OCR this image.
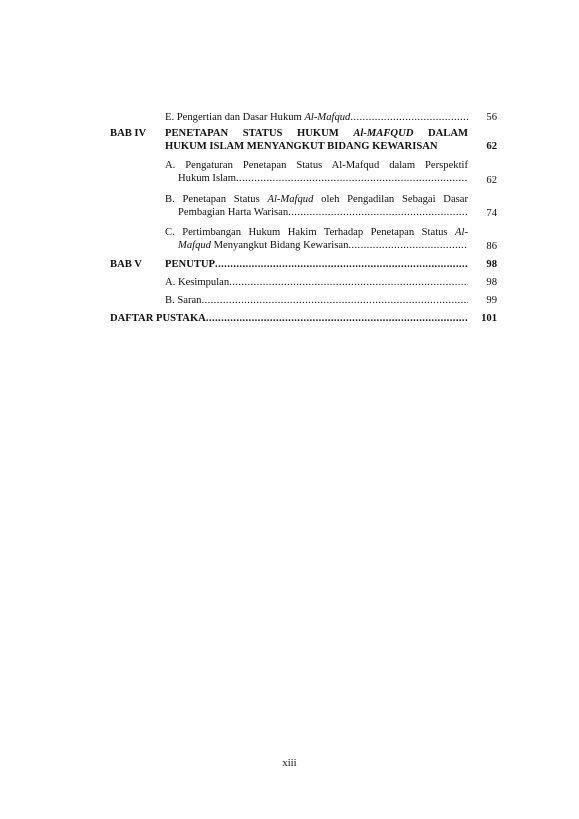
E. Pengertian dan Dasar Hukum Al-Mafqud .....	56
BAB IV PENETAPAN STATUS HUKUM Al-MAFQUD DALAM
HUKUM ISLAM MENYANGKUT BIDANG KEWARISAN	62
A. Pengaturan Penetapan Status Al-Mafqud dalam Perspektif
Hukum Islam .....	62
B. Penetapan Status Al-Mafqud oleh Pengadilan Sebagai Dasar
Pembagian Harta Warisan .....	74
C. Pertimbangan Hukum Hakim Terhadap Penetapan Status Al-
Mafqud Menyangkut Bidang Kewarisan .....	86
BAB V PENUTUP .....	98
A. Kesimpulan .....	98
B. Saran .....	99
DAFTAR PUSTAKA .....	101
xiii
